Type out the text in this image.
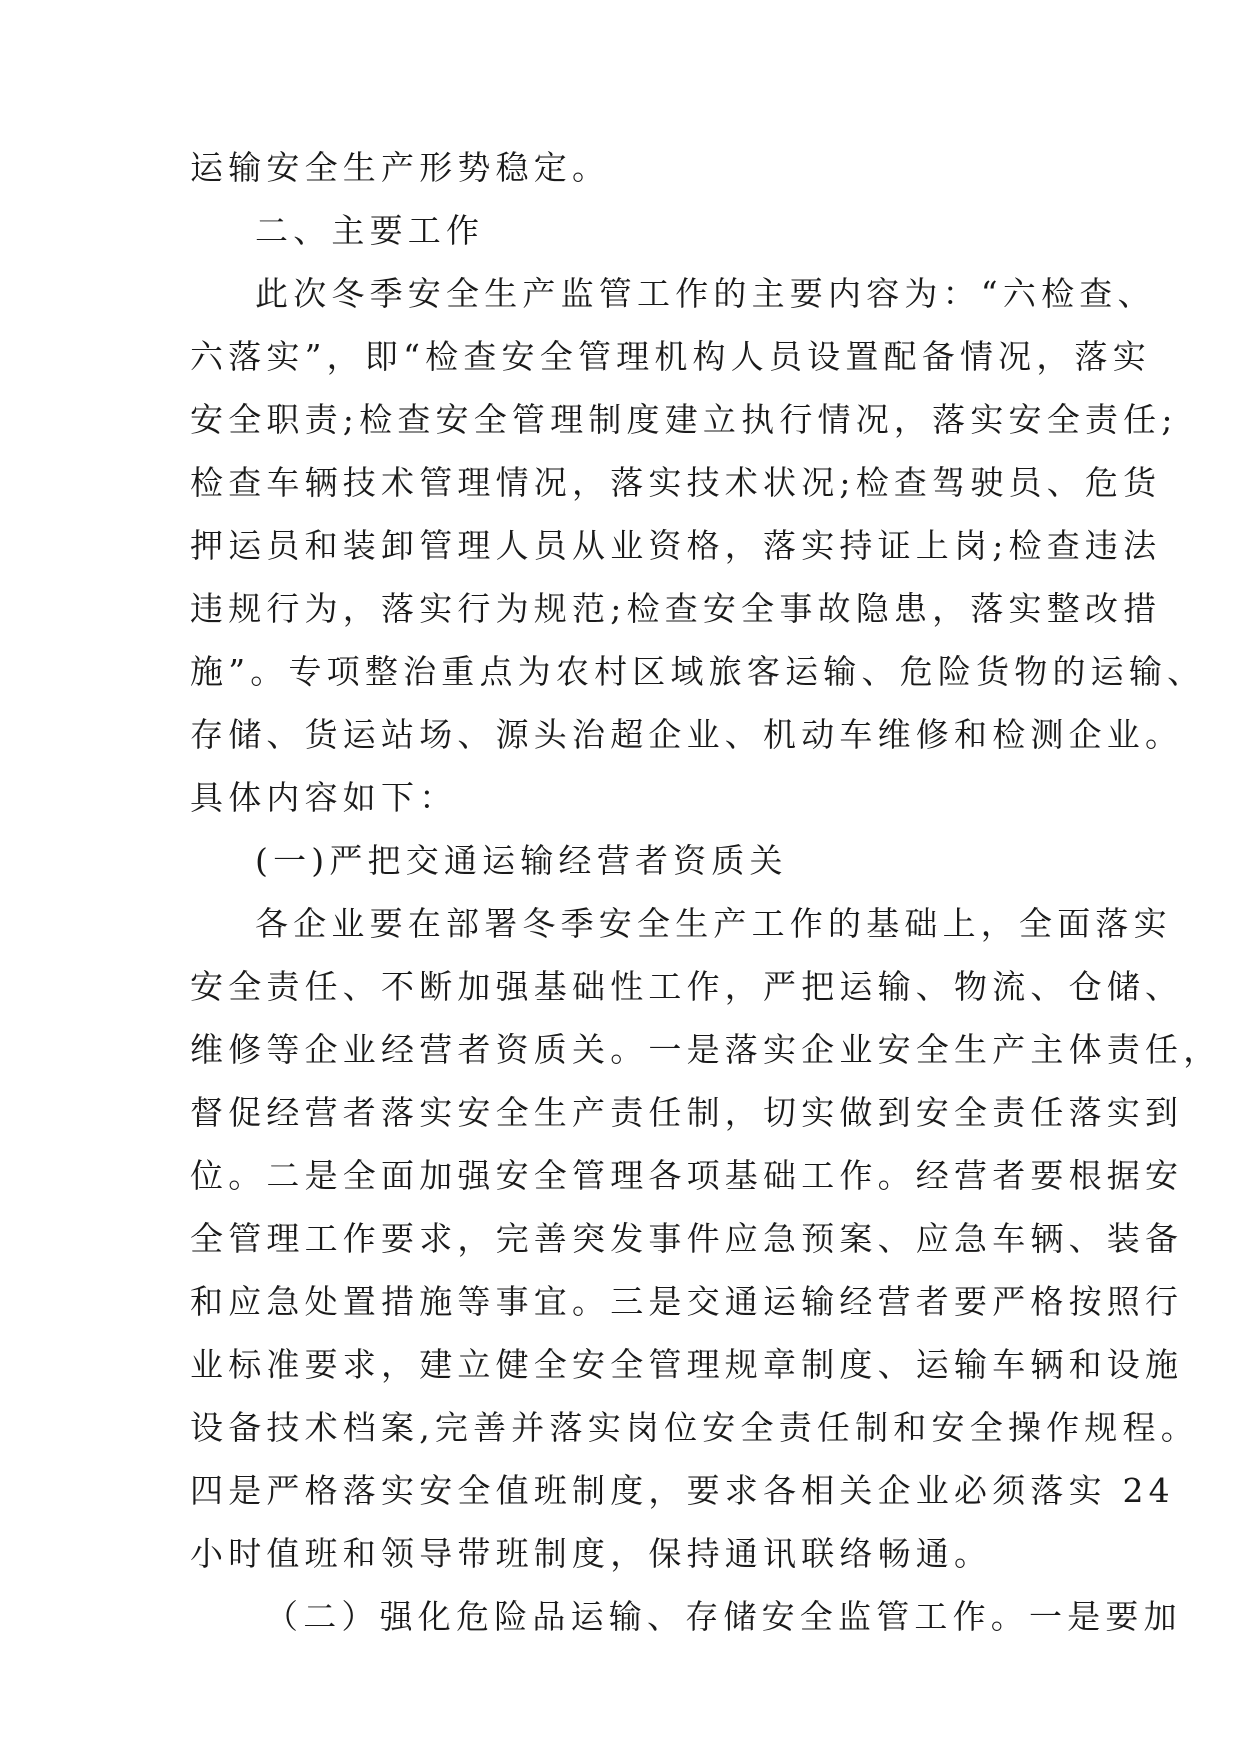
运输安全生产形势稳定。
二、主要工作
此次冬季安全生产监管工作的主要内容为：“六检查、
六落实”，即“检查安全管理机构人员设置配备情况，落实
安全职责;检查安全管理制度建立执行情况，落实安全责任;
检查车辆技术管理情况，落实技术状况;检查驾驶员、危货
押运员和装卸管理人员从业资格，落实持证上岗;检查违法
违规行为，落实行为规范;检查安全事故隐患，落实整改措
施”。专项整治重点为农村区域旅客运输、危险货物的运输、
存储、货运站场、源头治超企业、机动车维修和检测企业。
具体内容如下：
(一)严把交通运输经营者资质关
各企业要在部署冬季安全生产工作的基础上，全面落实
安全责任、不断加强基础性工作，严把运输、物流、仓储、
维修等企业经营者资质关。一是落实企业安全生产主体责任，
督促经营者落实安全生产责任制，切实做到安全责任落实到
位。二是全面加强安全管理各项基础工作。经营者要根据安
全管理工作要求，完善突发事件应急预案、应急车辆、装备
和应急处置措施等事宜。三是交通运输经营者要严格按照行
业标准要求，建立健全安全管理规章制度、运输车辆和设施
设备技术档案,完善并落实岗位安全责任制和安全操作规程。
四是严格落实安全值班制度，要求各相关企业必须落实 24
小时值班和领导带班制度，保持通讯联络畅通。
（二）强化危险品运输、存储安全监管工作。一是要加
